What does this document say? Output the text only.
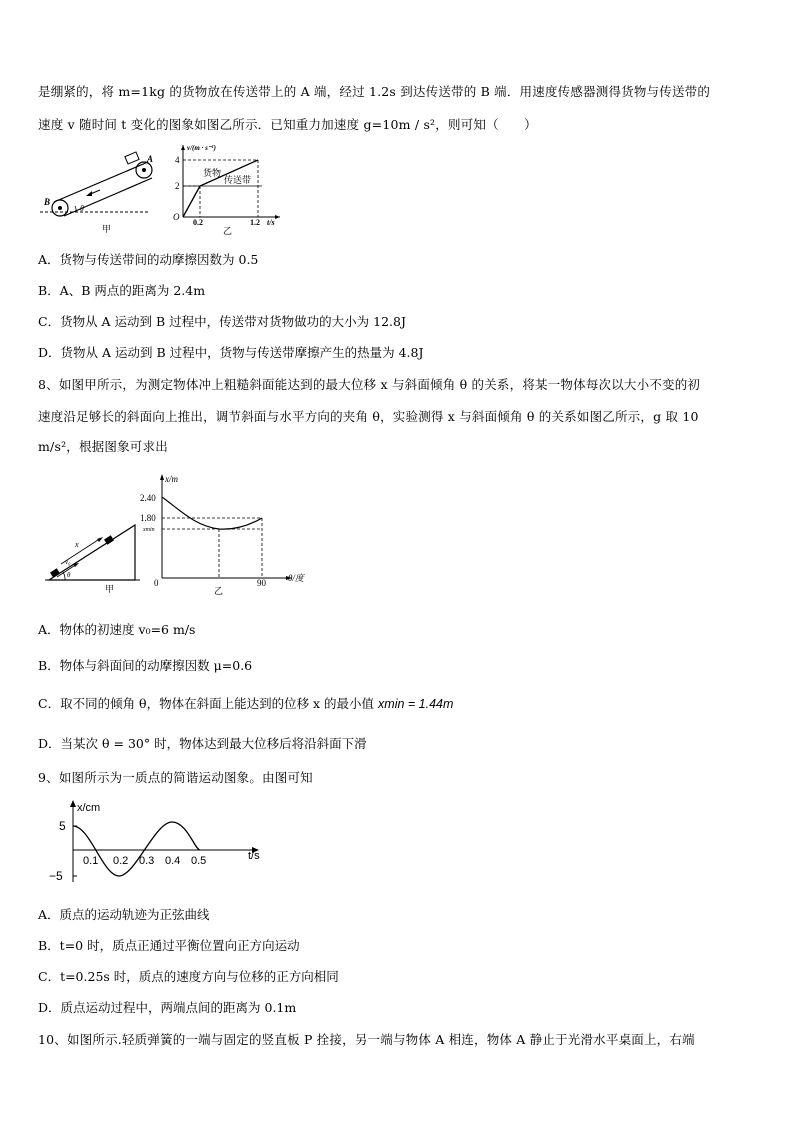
是绷紧的，将 m=1kg 的货物放在传送带上的 A 端，经过 1.2s 到达传送带的 B 端．用速度传感器测得货物与传送带的
速度 v 随时间 t 变化的图象如图乙所示．已知重力加速度 g=10m / s²，则可知（　　）
A
B
θ
甲
v/(m · s⁻¹)
4
2
O
0.2	1.2 t/s
货物
传送带
乙
A．货物与传送带间的动摩擦因数为 0.5
B．A、B 两点的距离为 2.4m
C．货物从 A 运动到 B 过程中，传送带对货物做功的大小为 12.8J
D．货物从 A 运动到 B 过程中，货物与传送带摩擦产生的热量为 4.8J
8、如图甲所示，为测定物体冲上粗糙斜面能达到的最大位移 x 与斜面倾角 θ 的关系，将某一物体每次以大小不变的初
速度沿足够长的斜面向上推出，调节斜面与水平方向的夹角 θ，实验测得 x 与斜面倾角 θ 的关系如图乙所示，g 取 10
m/s²，根据图象可求出
x
v₀
θ
甲
x/m
2.40
1.80
xmin
0	90 θ/度
乙
A．物体的初速度 v₀=6 m/s
B．物体与斜面间的动摩擦因数 μ=0.6
C．取不同的倾角 θ，物体在斜面上能达到的位移 x 的最小值 xmin = 1.44m
D．当某次 θ = 30° 时，物体达到最大位移后将沿斜面下滑
9、如图所示为一质点的简谐运动图象。由图可知
x/cm
5
−5
0.1 0.2 0.3 0.4 0.5	t/s
A．质点的运动轨迹为正弦曲线
B．t=0 时，质点正通过平衡位置向正方向运动
C．t=0.25s 时，质点的速度方向与位移的正方向相同
D．质点运动过程中，两端点间的距离为 0.1m
10、如图所示.轻质弹簧的一端与固定的竖直板 P 拴接，另一端与物体 A 相连，物体 A 静止于光滑水平桌面上，右端
